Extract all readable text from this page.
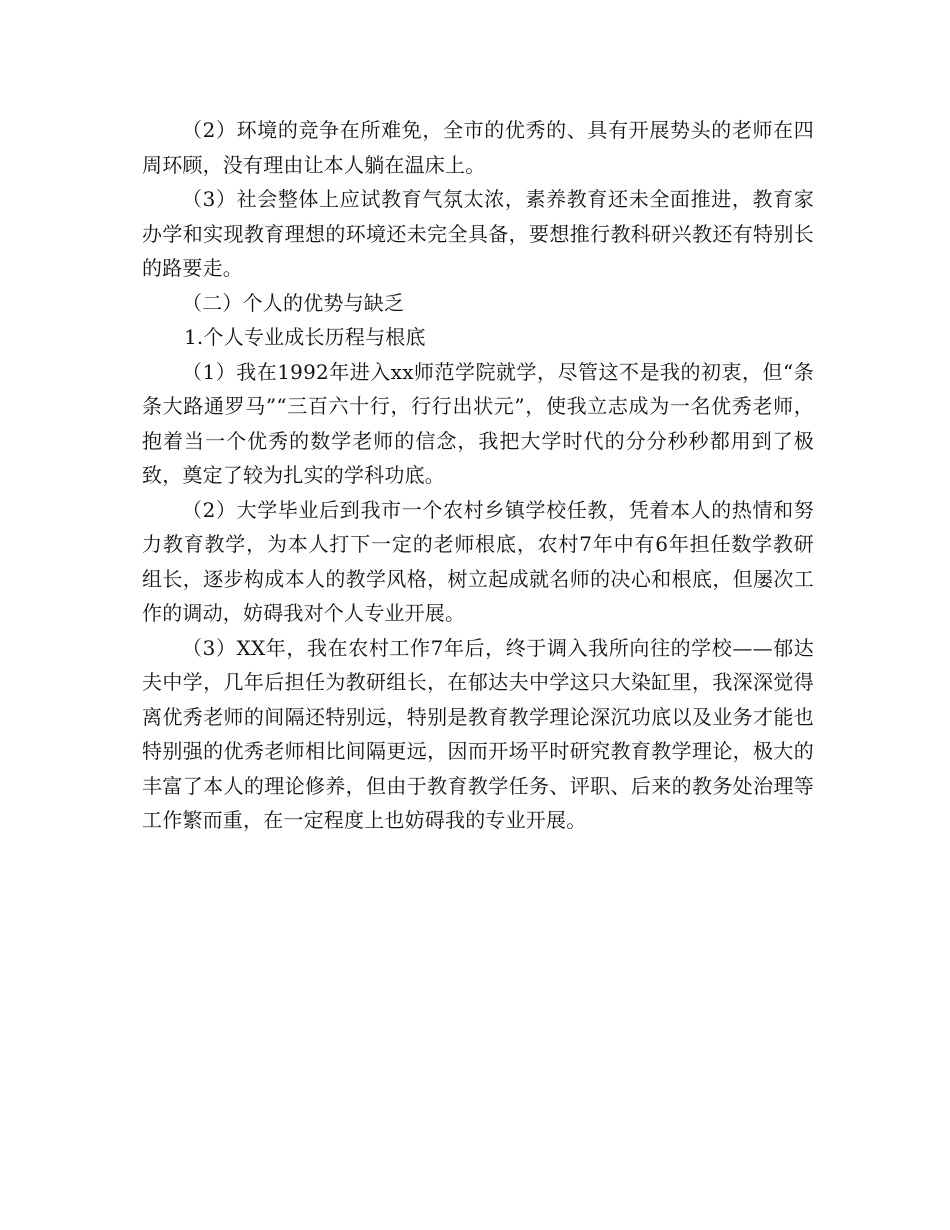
（2）环境的竞争在所难免，全市的优秀的、具有开展势头的老师在四周环顾，没有理由让本人躺在温床上。

（3）社会整体上应试教育气氛太浓，素养教育还未全面推进，教育家办学和实现教育理想的环境还未完全具备，要想推行教科研兴教还有特别长的路要走。

（二）个人的优势与缺乏

1.个人专业成长历程与根底

（1）我在1992年进入xx师范学院就学，尽管这不是我的初衷，但“条条大路通罗马”“三百六十行，行行出状元”，使我立志成为一名优秀老师，抱着当一个优秀的数学老师的信念，我把大学时代的分分秒秒都用到了极致，奠定了较为扎实的学科功底。

（2）大学毕业后到我市一个农村乡镇学校任教，凭着本人的热情和努力教育教学，为本人打下一定的老师根底，农村7年中有6年担任数学教研组长，逐步构成本人的教学风格，树立起成就名师的决心和根底，但屡次工作的调动，妨碍我对个人专业开展。

（3）XX年，我在农村工作7年后，终于调入我所向往的学校——郁达夫中学，几年后担任为教研组长，在郁达夫中学这只大染缸里，我深深觉得离优秀老师的间隔还特别远，特别是教育教学理论深沉功底以及业务才能也特别强的优秀老师相比间隔更远，因而开场平时研究教育教学理论，极大的丰富了本人的理论修养，但由于教育教学任务、评职、后来的教务处治理等工作繁而重，在一定程度上也妨碍我的专业开展。
